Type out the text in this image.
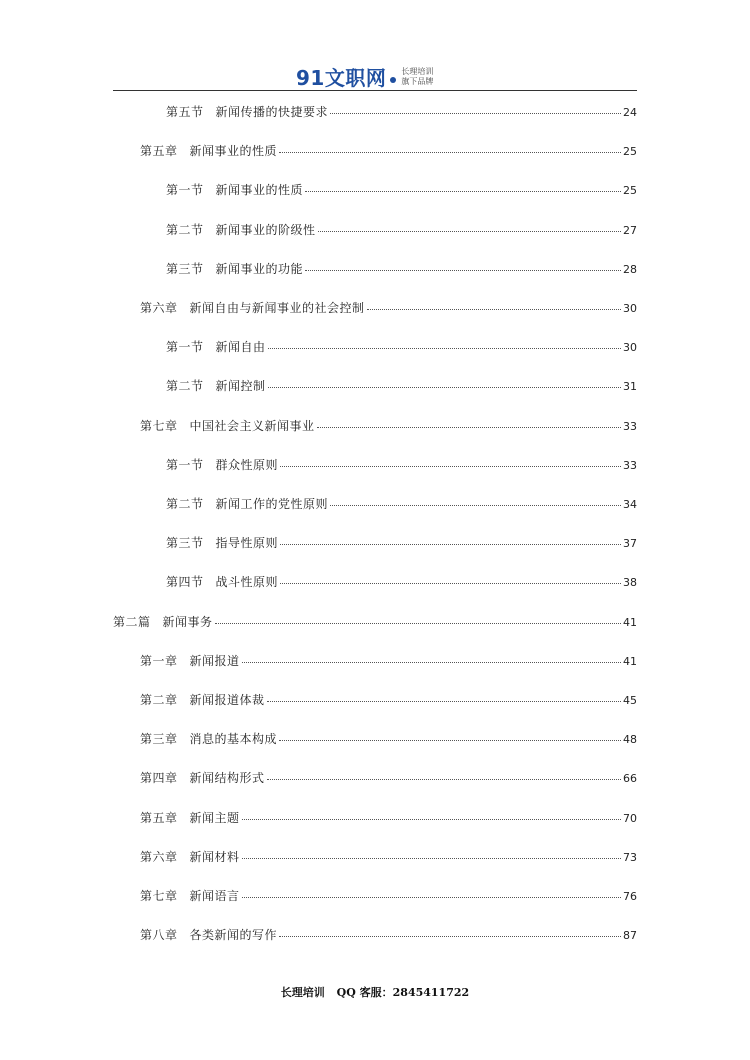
91文职网 长理培训
旗下品牌
第五节 新闻传播的快捷要求	24
第五章 新闻事业的性质	25
第一节 新闻事业的性质	25
第二节 新闻事业的阶级性	27
第三节 新闻事业的功能	28
第六章 新闻自由与新闻事业的社会控制	30
第一节 新闻自由	30
第二节 新闻控制	31
第七章 中国社会主义新闻事业	33
第一节 群众性原则	33
第二节 新闻工作的党性原则	34
第三节 指导性原则	37
第四节 战斗性原则	38
第二篇 新闻事务	41
第一章 新闻报道	41
第二章 新闻报道体裁	45
第三章 消息的基本构成	48
第四章 新闻结构形式	66
第五章 新闻主题	70
第六章 新闻材料	73
第七章 新闻语言	76
第八章 各类新闻的写作	87
长理培训 QQ 客服：2845411722
